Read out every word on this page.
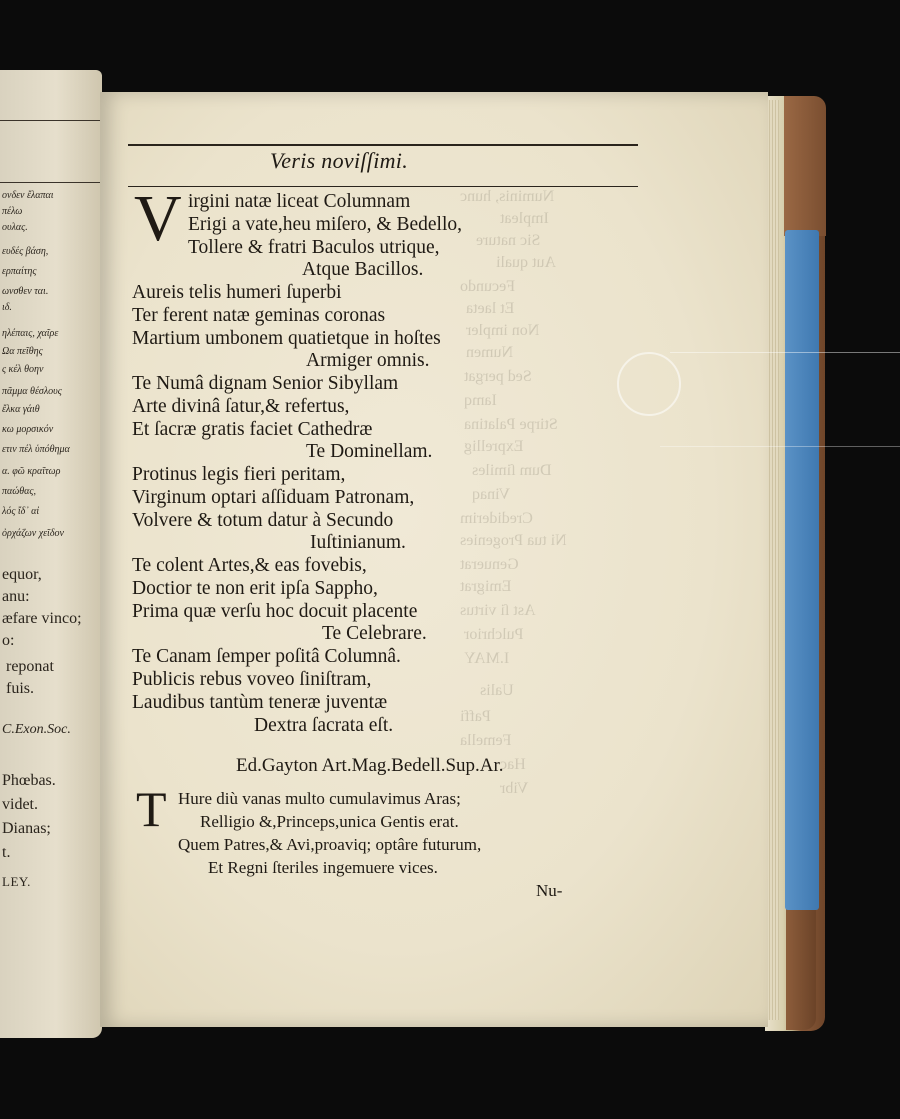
ονδεν ἔλαπαι
πέλω
ουλας.
ευδές βάση,
ερπαίτης
ωνσθεν ται.
ιδ.
ηλέπαις, χαῖρε
Ωα πεῖθης
ς κέλ θοην
πᾶμμα θέσλους
ἔλκα γάιθ
κω μορσικόν
ετιν πέλ ὑπόθημα
α. φῶ κραῖτωρ
παώθας,
λός ἴδ᾽ αἰ
ὀρχάζων χεῖδον
equor,
anu:
æfare vinco;
o:
reponat
fuis.
C.Exon.Soc.
Phœbas.
videt.
Dianas;
t.
LEY.
Veris noviſſimi.
Numinis, hunc
Impleat
Sic nature
Aut quali
Fecundo
Et laeta
Non impler
Numen
Sed pergat
Iamq
Stirpe Palatina
Exprellig
Dum ſimiles
Vinaq
Crediderim
Ni tua Progenies
Genuerat
Emigrat
Ast ſi virtus
Pulchrior
I.MAY
Ualis
Paffi
Femella
Hac
Vibr
V irgini natæ liceat Columnam
Erigi a vate,heu miſero, & Bedello,
Tollere & fratri Baculos utrique,
Atque Bacillos.
Aureis telis humeri ſuperbi
Ter ferent natæ geminas coronas
Martium umbonem quatietque in hoſtes
Armiger omnis.
Te Numâ dignam Senior Sibyllam
Arte divinâ ſatur,& refertus,
Et ſacræ gratis faciet Cathedræ
Te Dominellam.
Protinus legis fieri peritam,
Virginum optari aſſiduam Patronam,
Volvere & totum datur à Secundo
Iuſtinianum.
Te colent Artes,& eas fovebis,
Doctior te non erit ipſa Sappho,
Prima quæ verſu hoc docuit placente
Te Celebrare.
Te Canam ſemper poſitâ Columnâ.
Publicis rebus voveo ſiniſtram,
Laudibus tantùm teneræ juventæ
Dextra ſacrata eſt.
Ed.Gayton Art.Mag.Bedell.Sup.Ar.
T Hure diù vanas multo cumulavimus Aras;
Relligio &,Princeps,unica Gentis erat.
Quem Patres,& Avi,proaviq; optâre futurum,
Et Regni ſteriles ingemuere vices.
Nu-
